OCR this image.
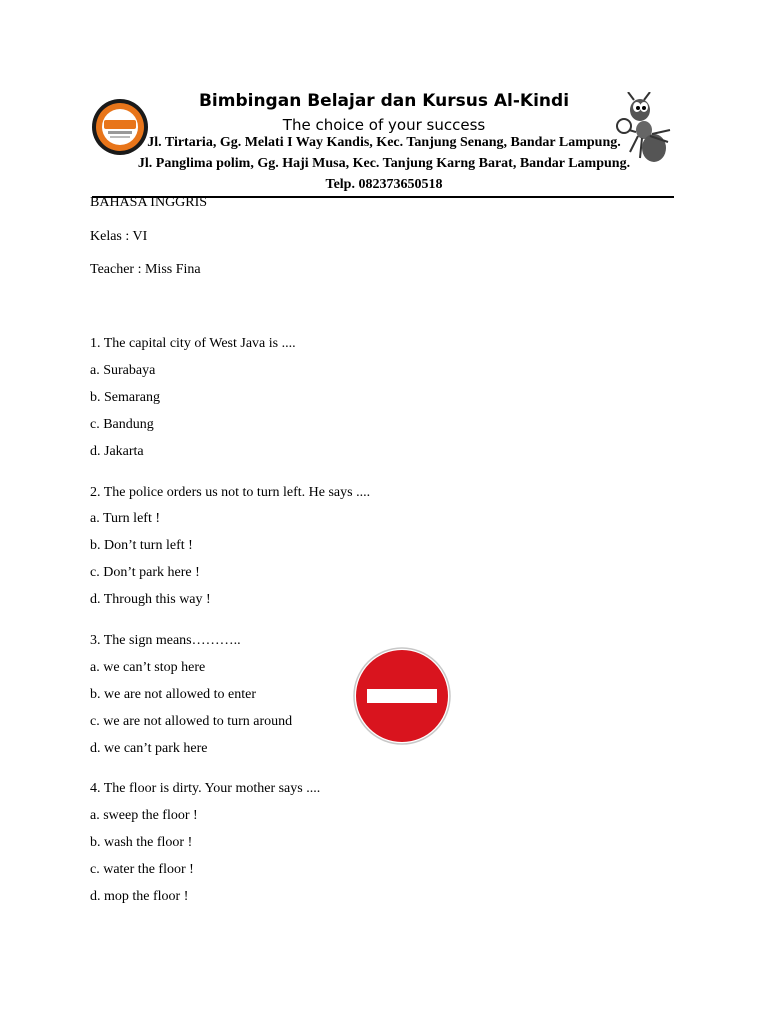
Bimbingan Belajar dan Kursus Al-Kindi
The choice of your success
Jl. Tirtaria, Gg. Melati I Way Kandis, Kec. Tanjung Senang, Bandar Lampung.
Jl. Panglima polim, Gg. Haji Musa, Kec. Tanjung Karng Barat, Bandar Lampung.
Telp. 082373650518
BAHASA INGGRIS
Kelas : VI
Teacher : Miss Fina
1. The capital city of West Java is ....
a. Surabaya
b. Semarang
c. Bandung
d. Jakarta
2. The police orders us not to turn left. He says ....
a. Turn left !
b. Don’t turn left !
c. Don’t park here !
d. Through this way !
3. The sign means………..
a. we can’t stop here
b. we are not allowed to enter
c. we are not allowed to turn around
d. we can’t park here
4. The floor is dirty. Your mother says ....
a. sweep the floor !
b. wash the floor !
c. water the floor !
d. mop the floor !
